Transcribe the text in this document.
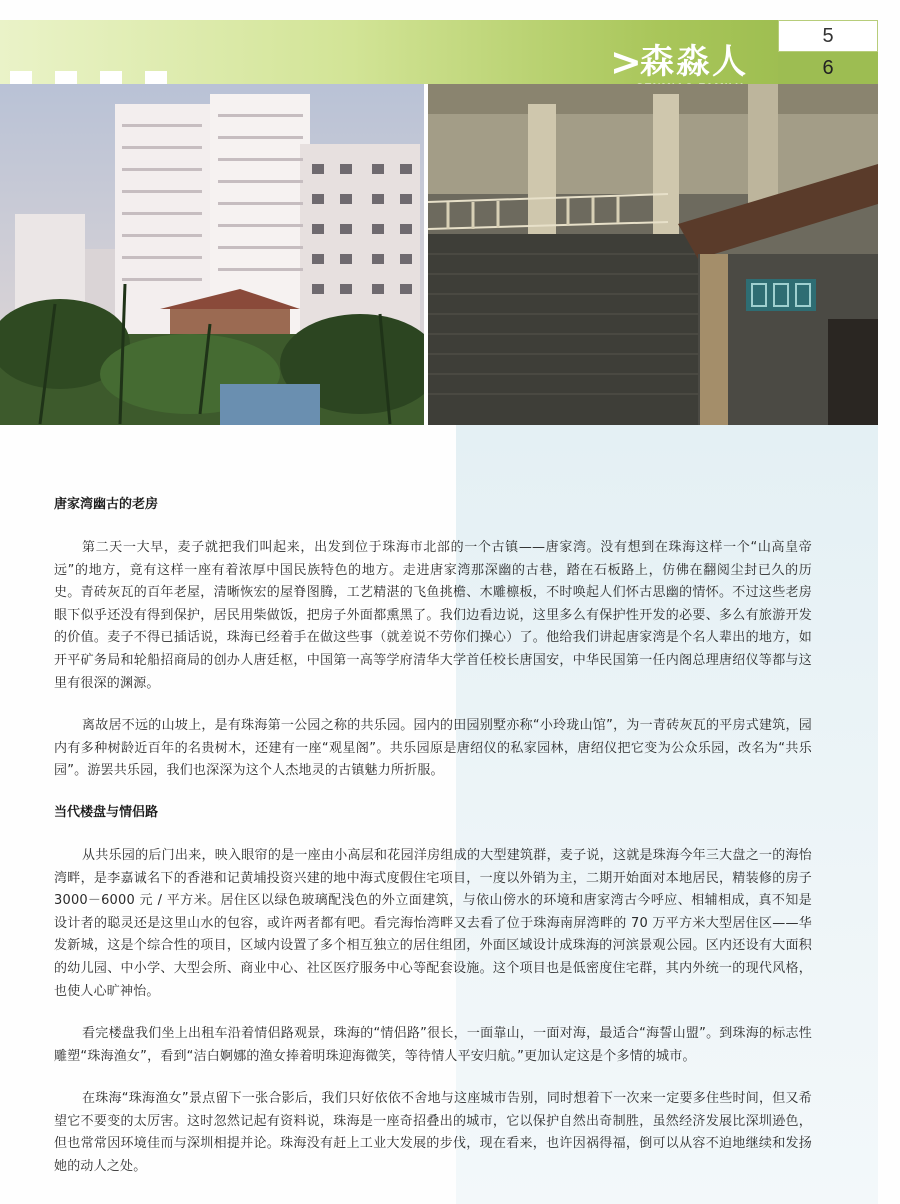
>
森淼人
5
6
唐家湾幽古的老房

第二天一大早，麦子就把我们叫起来，出发到位于珠海市北部的一个古镇——唐家湾。没有想到在珠海这样一个“山高皇帝远”的地方，竟有这样一座有着浓厚中国民族特色的地方。走进唐家湾那深幽的古巷，踏在石板路上，仿佛在翻阅尘封已久的历史。青砖灰瓦的百年老屋，清晰恢宏的屋脊图腾，工艺精湛的飞鱼挑檐、木雕檩板，不时唤起人们怀古思幽的情怀。不过这些老房眼下似乎还没有得到保护，居民用柴做饭，把房子外面都熏黑了。我们边看边说，这里多么有保护性开发的必要、多么有旅游开发的价值。麦子不得已插话说，珠海已经着手在做这些事（就差说不劳你们操心）了。他给我们讲起唐家湾是个名人辈出的地方，如开平矿务局和轮船招商局的创办人唐廷枢，中国第一高等学府清华大学首任校长唐国安，中华民国第一任内阁总理唐绍仪等都与这里有很深的渊源。

离故居不远的山坡上，是有珠海第一公园之称的共乐园。园内的田园别墅亦称“小玲珑山馆”，为一青砖灰瓦的平房式建筑，园内有多种树龄近百年的名贵树木，还建有一座“观星阁”。共乐园原是唐绍仪的私家园林，唐绍仪把它变为公众乐园，改名为“共乐园”。游罢共乐园，我们也深深为这个人杰地灵的古镇魅力所折服。

当代楼盘与情侣路

从共乐园的后门出来，映入眼帘的是一座由小高层和花园洋房组成的大型建筑群，麦子说，这就是珠海今年三大盘之一的海怡湾畔，是李嘉诚名下的香港和记黄埔投资兴建的地中海式度假住宅项目，一度以外销为主，二期开始面对本地居民，精装修的房子 3000－6000 元 / 平方米。居住区以绿色玻璃配浅色的外立面建筑，与依山傍水的环境和唐家湾古今呼应、相辅相成，真不知是设计者的聪灵还是这里山水的包容，或许两者都有吧。看完海怡湾畔又去看了位于珠海南屏湾畔的 70 万平方米大型居住区——华发新城，这是个综合性的项目，区域内设置了多个相互独立的居住组团，外面区域设计成珠海的河滨景观公园。区内还设有大面积的幼儿园、中小学、大型会所、商业中心、社区医疗服务中心等配套设施。这个项目也是低密度住宅群，其内外统一的现代风格，也使人心旷神怡。

看完楼盘我们坐上出租车沿着情侣路观景，珠海的“情侣路”很长，一面靠山，一面对海，最适合“海誓山盟”。到珠海的标志性雕塑“珠海渔女”，看到“洁白婀娜的渔女捧着明珠迎海微笑，等待情人平安归航。”更加认定这是个多情的城市。

在珠海“珠海渔女”景点留下一张合影后，我们只好依依不舍地与这座城市告别，同时想着下一次来一定要多住些时间，但又希望它不要变的太厉害。这时忽然记起有资料说，珠海是一座奇招叠出的城市，它以保护自然出奇制胜，虽然经济发展比深圳逊色，但也常常因环境佳而与深圳相提并论。珠海没有赶上工业大发展的步伐，现在看来，也许因祸得福，倒可以从容不迫地继续和发扬她的动人之处。
